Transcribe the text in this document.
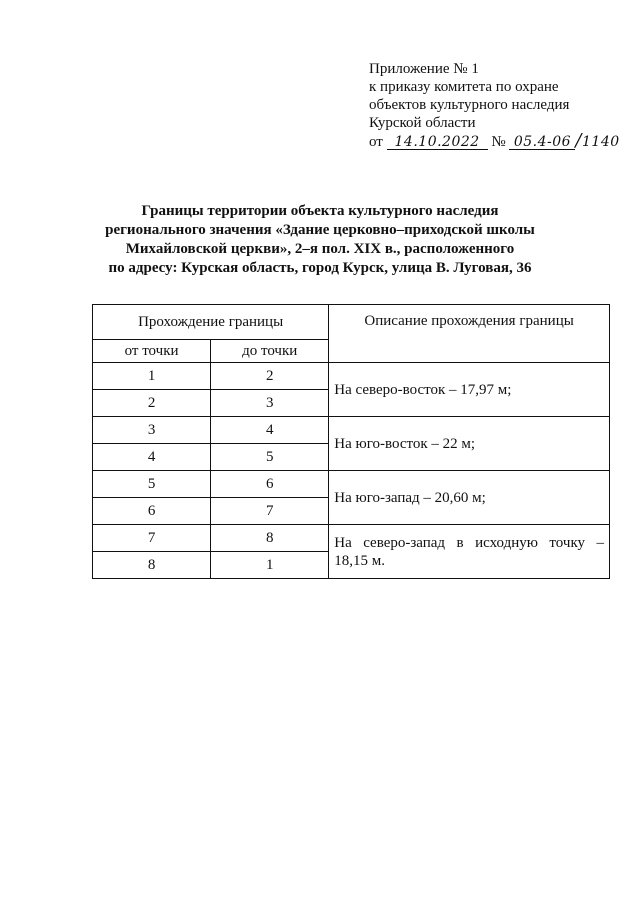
Приложение № 1
к приказу комитета по охране
объектов культурного наследия
Курской области
от 14.10.2022 № 05.4-06 /1140
Границы территории объекта культурного наследия
регионального значения «Здание церковно–приходской школы
Михайловской церкви», 2–я пол. XIX в., расположенного
по адресу: Курская область, город Курск, улица В. Луговая, 36
Прохождение границы		Описание прохождения границы
от точки	до точки	
1	2	На северо-восток – 17,97 м;
2	3	
3	4	На юго-восток – 22 м;
4	5	
5	6	На юго-запад – 20,60 м;
6	7	
7	8	На северо-запад в исходную точку –
18,15 м.

8	1	
